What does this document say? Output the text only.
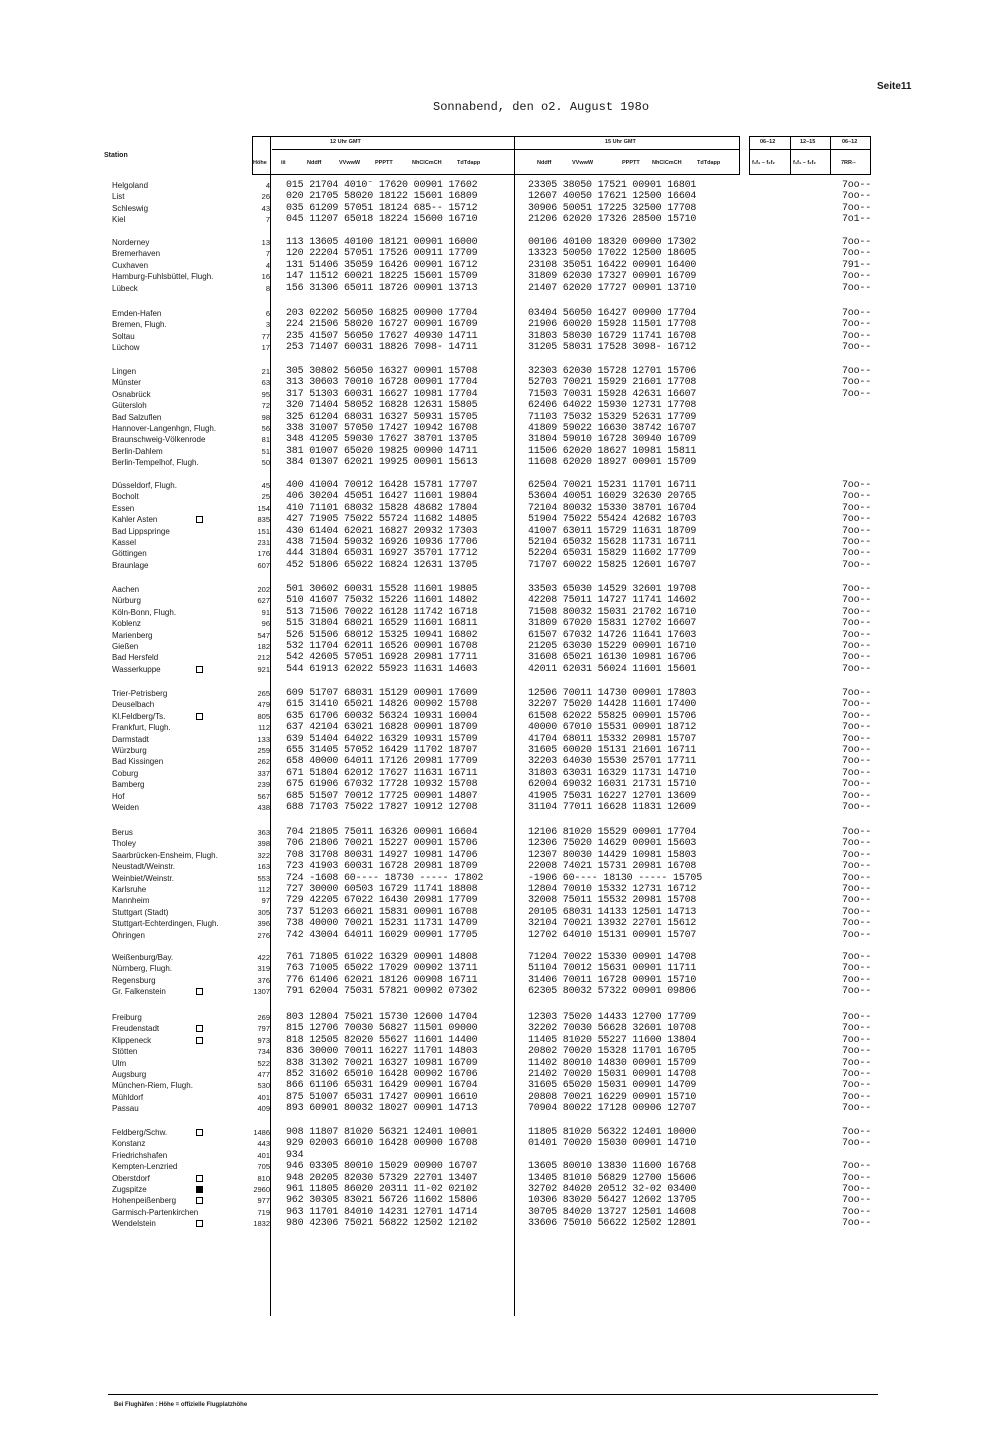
Seite11
Sonnabend, den o2. August 198o
Station
12 Uhr GMT	15 Uhr GMT
Höhe	iii	Nddff	VVwwW	PPPTT	NhClCmCH	TdTdapp	Nddff	VVwwW	PPPTT NhClCmCH	TdTdapp
06–12	12–15	06–12
f₁f₁ – f₂f₂	f₁f₁ – f₂f₂	7RR--
Helgoland	4 015 21704 4010⁻ 17620 00901 17602	23305 38050 17521 00901 16801	7oo--
List	26 020 21705 58020 18122 15601 16809	12607 40050 17621 12500 16604	7oo--
Schleswig	43 035 61209 57051 18124 685-- 15712	30906 50051 17225 32500 17708	7oo--
Kiel	7 045 11207 65018 18224 15600 16710	21206 62020 17326 28500 15710	7o1--
Norderney	13 113 13605 40100 18121 00901 16000	00106 40100 18320 00900 17302	7oo--
Bremerhaven	7 120 22204 57051 17526 00911 17709	13323 50050 17022 12500 18605	7oo--
Cuxhaven	4 131 51406 35059 16426 00901 16712	23108 35051 16422 00901 16400	791--
Hamburg-Fuhlsbüttel, Flugh.	16 147 11512 60021 18225 15601 15709	31809 62030 17327 00901 16709	7oo--
Lübeck	8 156 31306 65011 18726 00901 13713	21407 62020 17727 00901 13710	7oo--
Emden-Hafen	6 203 02202 56050 16825 00900 17704	03404 56050 16427 00900 17704	7oo--
Bremen, Flugh.	3 224 21506 58020 16727 00901 16709	21906 60020 15928 11501 17708	7oo--
Soltau	77 235 41507 56050 17627 40930 14711	31803 58030 16729 11741 16708	7oo--
Lüchow	17 253 71407 60031 18826 7098- 14711	31205 58031 17528 3098- 16712	7oo--
Lingen	21 305 30802 56050 16327 00901 15708	32303 62030 15728 12701 15706	7oo--
Münster	63 313 30603 70010 16728 00901 17704	52703 70021 15929 21601 17708	7oo--
Osnabrück	95 317 51303 60031 16627 10981 17704	71503 70031 15928 42631 16607	7oo--
Gütersloh	72 320 71404 58052 16828 12631 15805	62406 64022 15930 12731 17708
Bad Salzuflen	98 325 61204 68031 16327 50931 15705	71103 75032 15329 52631 17709
Hannover-Langenhgn, Flugh.	56 338 31007 57050 17427 10942 16708	41809 59022 16630 38742 16707
Braunschweig-Völkenrode	81 348 41205 59030 17627 38701 13705	31804 59010 16728 30940 16709
Berlin-Dahlem	51 381 01007 65020 19825 00900 14711	11506 62020 18627 10981 15811
Berlin-Tempelhof, Flugh.	50 384 01307 62021 19925 00901 15613	11608 62020 18927 00901 15709
Düsseldorf, Flugh.	45 400 41004 70012 16428 15781 17707	62504 70021 15231 11701 16711	7oo--
Bocholt	25 406 30204 45051 16427 11601 19804	53604 40051 16029 32630 20765	7oo--
Essen	154 410 71101 68032 15828 48682 17804	72104 80032 15330 38701 16704	7oo--
Kahler Asten	835 427 71905 75022 55724 11682 14805	51904 75022 55424 42682 16703	7oo--
Bad Lippspringe	151 430 61404 62021 16827 20932 17303	41007 63011 15729 11631 18709	7oo--
Kassel	231 438 71504 59032 16926 10936 17706	52104 65032 15628 11731 16711	7oo--
Göttingen	176 444 31804 65031 16927 35701 17712	52204 65031 15829 11602 17709	7oo--
Braunlage	607 452 51806 65022 16824 12631 13705	71707 60022 15825 12601 16707	7oo--
Aachen	202 501 30602 60031 15528 11601 19805	33503 65030 14529 32601 19708	7oo--
Nürburg	627 510 41607 75032 15226 11601 14802	42208 75011 14727 11741 14602	7oo--
Köln-Bonn, Flugh.	91 513 71506 70022 16128 11742 16718	71508 80032 15031 21702 16710	7oo--
Koblenz	96 515 31804 68021 16529 11601 16811	31809 67020 15831 12702 16607	7oo--
Marienberg	547 526 51506 68012 15325 10941 16802	61507 67032 14726 11641 17603	7oo--
Gießen	182 532 11704 62011 16526 00901 16708	21205 63030 15229 00901 16710	7oo--
Bad Hersfeld	212 542 42605 57051 16928 20981 17711	31608 65021 16130 10981 16706	7oo--
Wasserkuppe	921 544 61913 62022 55923 11631 14603	42011 62031 56024 11601 15601	7oo--
Trier-Petrisberg	265 609 51707 68031 15129 00901 17609	12506 70011 14730 00901 17803	7oo--
Deuselbach	479 615 31410 65021 14826 00902 15708	32207 75020 14428 11601 17400	7oo--
Kl.Feldberg/Ts.	805 635 61706 60032 56324 10931 16004	61508 62022 55825 00901 15706	7oo--
Frankfurt, Flugh.	112 637 42104 63021 16828 00901 18709	40000 67010 15531 00901 18712	7oo--
Darmstadt	133 639 51404 64022 16329 10931 15709	41704 68011 15332 20981 15707	7oo--
Würzburg	259 655 31405 57052 16429 11702 18707	31605 60020 15131 21601 16711	7oo--
Bad Kissingen	262 658 40000 64011 17126 20981 17709	32203 64030 15530 25701 17711	7oo--
Coburg	337 671 51804 62012 17627 11631 16711	31803 63031 16329 11731 14710	7oo--
Bamberg	239 675 61906 67032 17728 10932 15708	62004 69032 16031 21731 15710	7oo--
Hof	567 685 51507 70012 17725 00901 14807	41905 75031 16227 12701 13609	7oo--
Weiden	438 688 71703 75022 17827 10912 12708	31104 77011 16628 11831 12609	7oo--
Berus	363 704 21805 75011 16326 00901 16604	12106 81020 15529 00901 17704	7oo--
Tholey	398 706 21806 70021 15227 00901 15706	12306 75020 14629 00901 15603	7oo--
Saarbrücken-Ensheim, Flugh.	322 708 31708 80031 14927 10981 14706	12307 80030 14429 10981 15803	7oo--
Neustadt/Weinstr.	163 723 41903 60031 16728 20981 18709	22008 74021 15731 20981 16708	7oo--
Weinbiet/Weinstr.	553 724 -1608 60---- 18730 ----- 17802	-1906 60---- 18130 ----- 15705	7oo--
Karlsruhe	112 727 30000 60503 16729 11741 18808	12804 70010 15332 12731 16712	7oo--
Mannheim	97 729 42205 67022 16430 20981 17709	32008 75011 15532 20981 15708	7oo--
Stuttgart (Stadt)	305 737 51203 66021 15831 00901 16708	20105 68031 14133 12501 14713	7oo--
Stuttgart-Echterdingen, Flugh.	396 738 40000 70021 15231 11731 14709	32104 70021 13932 22701 15612	7oo--
Öhringen	276 742 43004 64011 16029 00901 17705	12702 64010 15131 00901 15707	7oo--
Weißenburg/Bay.	422 761 71805 61022 16329 00901 14808	71204 70022 15330 00901 14708	7oo--
Nürnberg, Flugh.	319 763 71005 65022 17029 00902 13711	51104 70012 15631 00901 11711	7oo--
Regensburg	376 776 61406 62021 18126 00908 16711	31406 70011 16728 00901 15710	7oo--
Gr. Falkenstein	1307 791 62004 75031 57821 00902 07302	62305 80032 57322 00901 09806	7oo--
Freiburg	269 803 12804 75021 15730 12600 14704	12303 75020 14433 12700 17709	7oo--
Freudenstadt	797 815 12706 70030 56827 11501 09000	32202 70030 56628 32601 10708	7oo--
Klippeneck	973 818 12505 82020 55627 11601 14400	11405 81020 55227 11600 13804	7oo--
Stötten	734 836 30000 70011 16227 11701 14803	20802 70020 15328 11701 16705	7oo--
Ulm	522 838 31302 70021 16327 10981 16709	11402 80010 14830 00901 15709	7oo--
Augsburg	477 852 31602 65010 16428 00902 16706	21402 70020 15031 00901 14708	7oo--
München-Riem, Flugh.	530 866 61106 65031 16429 00901 16704	31605 65020 15031 00901 14709	7oo--
Mühldorf	401 875 51007 65031 17427 00901 16610	20808 70021 16229 00901 15710	7oo--
Passau	409 893 60901 80032 18027 00901 14713	70904 80022 17128 00906 12707	7oo--
Feldberg/Schw.	1486 908 11807 81020 56321 12401 10001	11805 81020 56322 12401 10000	7oo--
Konstanz	443 929 02003 66010 16428 00900 16708	01401 70020 15030 00901 14710	7oo--
Friedrichshafen	401 934
Kempten-Lenzried	705 946 03305 80010 15029 00900 16707	13605 80010 13830 11600 16768	7oo--
Oberstdorf	810 948 20205 82030 57329 22701 13407	13405 81010 56829 12700 15606	7oo--
Zugspitze	2960 961 11805 86020 20311 11-02 02102	32702 84020 20512 32-02 03400	7oo--
Hohenpeißenberg	977 962 30305 83021 56726 11602 15806	10306 83020 56427 12602 13705	7oo--
Garmisch-Partenkirchen	719 963 11701 84010 14231 12701 14714	30705 84020 13727 12501 14608	7oo--
Wendelstein	1832 980 42306 75021 56822 12502 12102	33606 75010 56622 12502 12801	7oo--
Bei Flughäfen : Höhe = offizielle Flugplatzhöhe
